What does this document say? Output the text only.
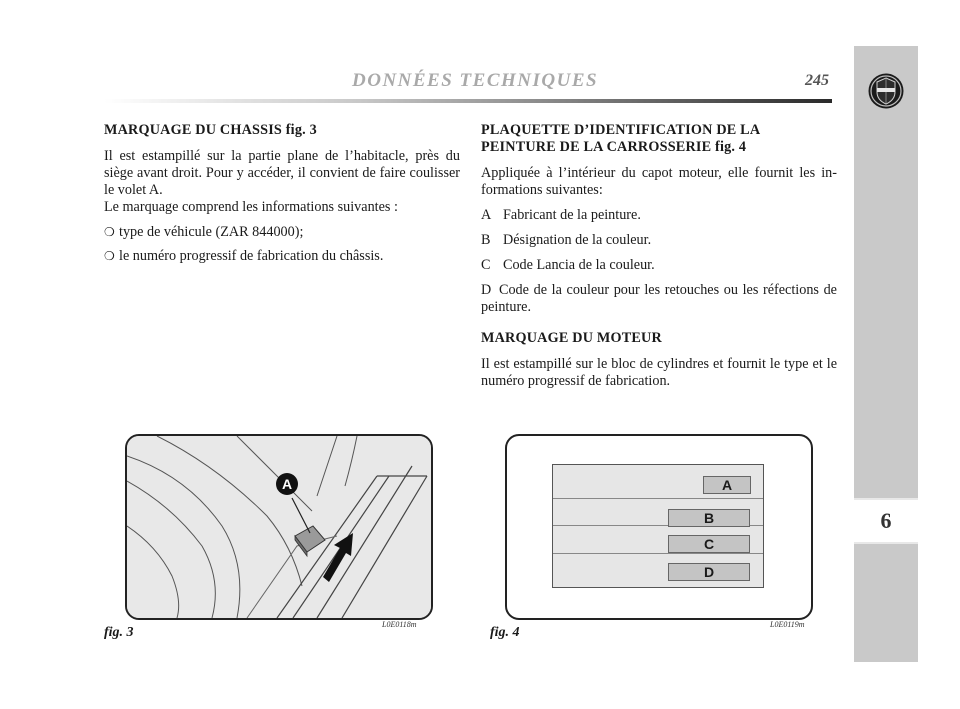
DONNÉES TECHNIQUES	245
6
MARQUAGE DU CHASSIS fig. 3

Il est estampillé sur la partie plane de l’habitacle, près du siège avant droit. Pour y accéder, il convient de faire coulisser le volet A.

Le marquage comprend les informations suivantes :

❍ type de véhicule (ZAR 844000);
❍ le numéro progressif de fabrication du châssis.
PLAQUETTE D’IDENTIFICATION DE LA PEINTURE DE LA CARROSSERIE fig. 4

Appliquée à l’intérieur du capot moteur, elle fournit les in-formations suivantes:

A Fabricant de la peinture.
B Désignation de la couleur.
C Code Lancia de la couleur.
D Code de la couleur pour les retouches ou les réfections de peinture.
MARQUAGE DU MOTEUR

Il est estampillé sur le bloc de cylindres et fournit le type et le numéro progressif de fabrication.

A
fig. 3
L0E0118m
A
B
C
D
fig. 4
L0E0119m
